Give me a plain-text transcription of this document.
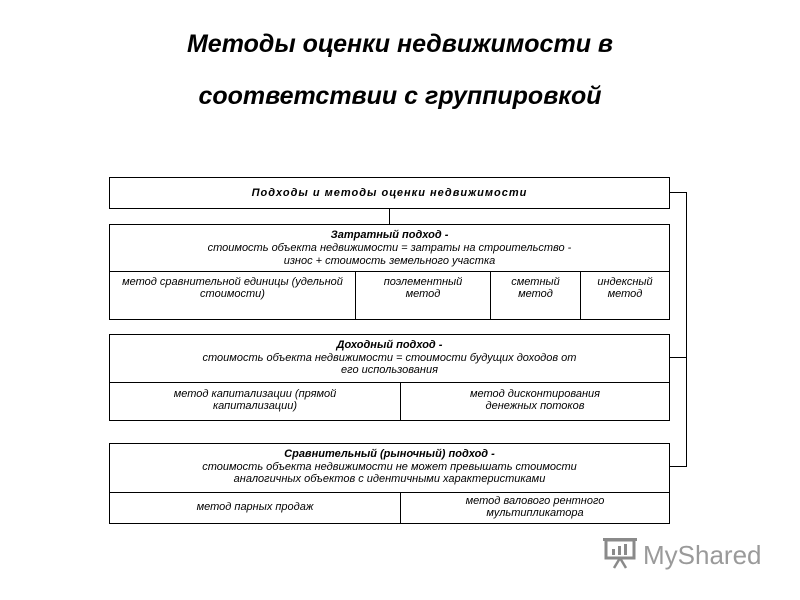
Методы оценки недвижимости в
соответствии с группировкой
Подходы и методы оценки недвижимости
Затратный подход -
стоимость объекта недвижимости = затраты на строительство -
износ + стоимость земельного участка
метод сравнительной единицы (удельной стоимости)
поэлементный метод
сметный метод
индексный метод
Доходный подход -
стоимость объекта недвижимости = стоимости будущих доходов от
его использования
метод капитализации (прямой капитализации)
метод дисконтирования денежных потоков
Сравнительный (рыночный) подход -
стоимость объекта недвижимости не может превышать стоимости
аналогичных объектов с идентичными характеристиками
метод парных продаж	метод валового рентного мультипликатора
MyShared
